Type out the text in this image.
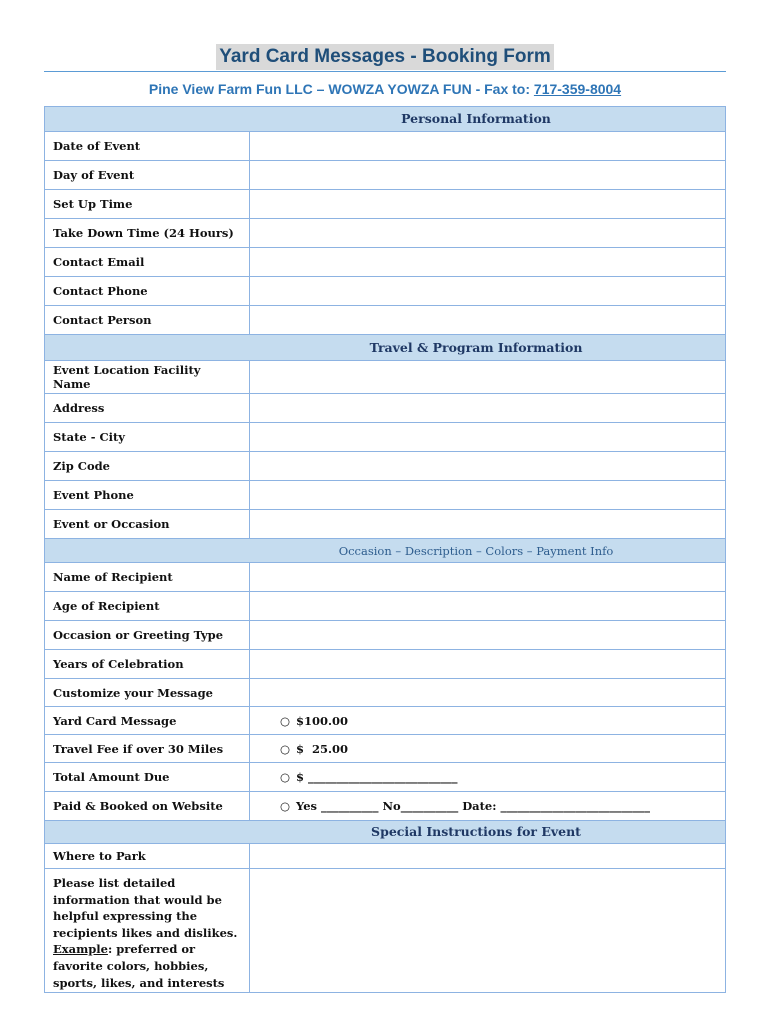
Yard Card Messages - Booking Form
Pine View Farm Fun LLC – WOWZA YOWZA FUN - Fax to: 717-359-8004
Personal Information	
Date of Event	
Day of Event	
Set Up Time	
Take Down Time (24 Hours)	
Contact Email	
Contact Phone	
Contact Person	
Travel & Program Information	
Event Location Facility Name	
Address	
State - City	
Zip Code	
Event Phone	
Event or Occasion	
Occasion – Description – Colors – Payment Info	
Name of Recipient	
Age of Recipient	
Occasion or Greeting Type	
Years of Celebration	
Customize your Message	
Yard Card Message	○ $100.00
Travel Fee if over 30 Miles	○ $  25.00
Total Amount Due	○ $ __________________________
Paid & Booked on Website	○ Yes __________ No__________ Date: __________________________
Special Instructions for Event	
Where to Park	
Please list detailed information that would be helpful expressing the recipients likes and dislikes. Example: preferred or favorite colors, hobbies, sports, likes, and interests	
